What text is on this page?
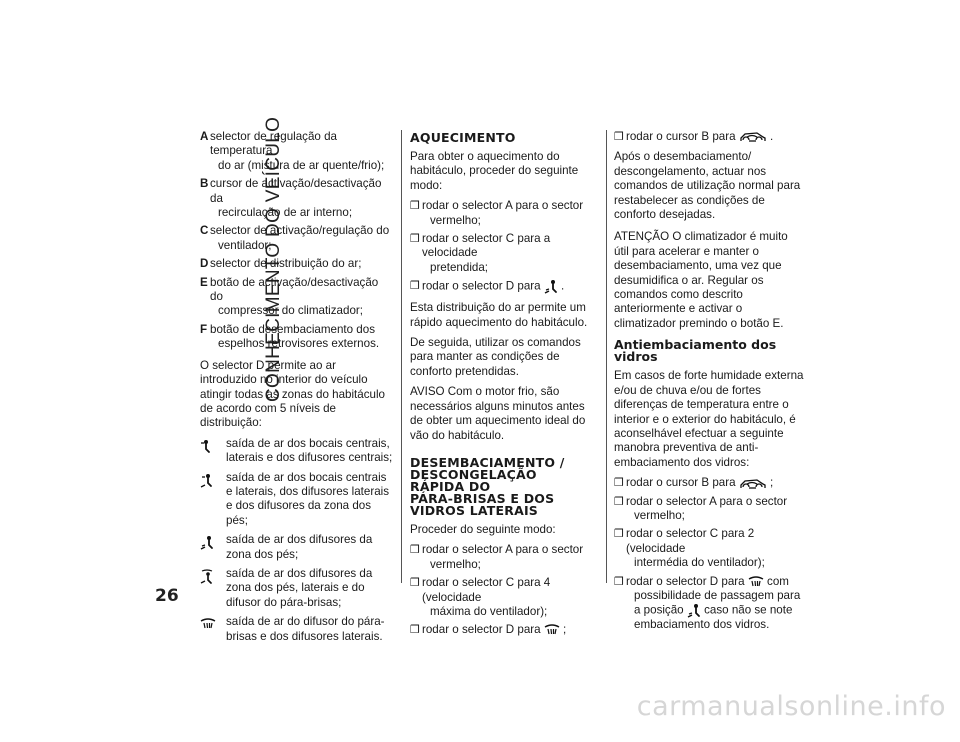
CONHECIMENTO DO VEÍCULO
26
A selector de regulação da temperatura
do ar (mistura de ar quente/frio);
B cursor de activação/desactivação da
recirculação de ar interno;
C selector de activação/regulação do
ventilador;
D selector de distribuição do ar;
E botão de activação/desactivação do
compressor do climatizador;
F botão de desembaciamento dos
espelhos retrovisores externos.

O selector D permite ao ar introduzido no interior do veículo atingir todas as zonas do habitáculo de acordo com 5 níveis de distribuição:

saída de ar dos bocais centrais, laterais e dos difusores centrais;
saída de ar dos bocais centrais e laterais, dos difusores laterais e dos difusores da zona dos pés;
saída de ar dos difusores da zona dos pés;
saída de ar dos difusores da zona dos pés, laterais e do difusor do pára-brisas;
saída de ar do difusor do pára-brisas e dos difusores laterais.
AQUECIMENTO

Para obter o aquecimento do habitáculo, proceder do seguinte modo:

❒ rodar o selector A para o sector
vermelho;
❒ rodar o selector C para a velocidade
pretendida;
❒ rodar o selector D para .

Esta distribuição do ar permite um rápido aquecimento do habitáculo.

De seguida, utilizar os comandos para manter as condições de conforto pretendidas.

AVISO Com o motor frio, são necessários alguns minutos antes de obter um aquecimento ideal do vão do habitáculo.

DESEMBACIAMENTO /
DESCONGELAÇÃO
RÁPIDA DO
PÁRA-BRISAS E DOS
VIDROS LATERAIS

Proceder do seguinte modo:

❒ rodar o selector A para o sector
vermelho;
❒ rodar o selector C para 4 (velocidade
máxima do ventilador);
❒ rodar o selector D para ;
❒ rodar o cursor B para	.

Após o desembaciamento/ descongelamento, actuar nos comandos de utilização normal para restabelecer as condições de conforto desejadas.

ATENÇÃO O climatizador é muito útil para acelerar e manter o desembaciamento, uma vez que desumidifica o ar. Regular os comandos como descrito anteriormente e activar o climatizador premindo o botão E.

Antiembaciamento dos
vidros

Em casos de forte humidade externa e/ou de chuva e/ou de fortes diferenças de temperatura entre o interior e o exterior do habitáculo, é aconselhável efectuar a seguinte manobra preventiva de anti-embaciamento dos vidros:

❒ rodar o cursor B para	;
❒ rodar o selector A para o sector
vermelho;
❒ rodar o selector C para 2 (velocidade
intermédia do ventilador);
❒ rodar o selector D para com
possibilidade de passagem para
a posição caso não se note
embaciamento dos vidros.
carmanualsonline.info
